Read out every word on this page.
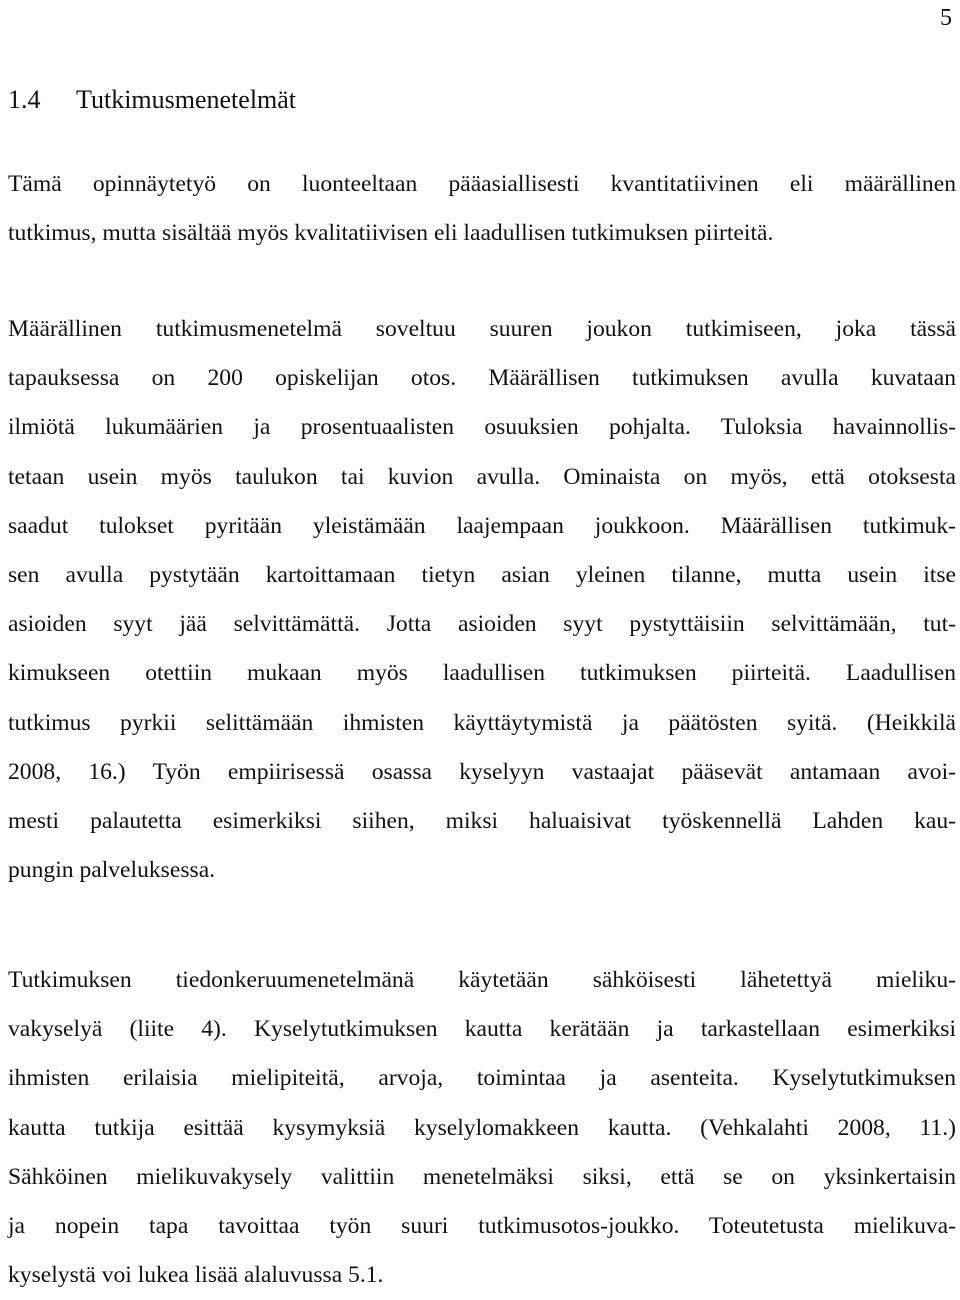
5
1.4 Tutkimusmenetelmät
Tämä opinnäytetyö on luonteeltaan pääasiallisesti kvantitatiivinen eli määrällinen
tutkimus, mutta sisältää myös kvalitatiivisen eli laadullisen tutkimuksen piirteitä.
Määrällinen tutkimusmenetelmä soveltuu suuren joukon tutkimiseen, joka tässä
tapauksessa on 200 opiskelijan otos. Määrällisen tutkimuksen avulla kuvataan
ilmiötä lukumäärien ja prosentuaalisten osuuksien pohjalta. Tuloksia havainnollis-
tetaan usein myös taulukon tai kuvion avulla. Ominaista on myös, että otoksesta
saadut tulokset pyritään yleistämään laajempaan joukkoon. Määrällisen tutkimuk-
sen avulla pystytään kartoittamaan tietyn asian yleinen tilanne, mutta usein itse
asioiden syyt jää selvittämättä. Jotta asioiden syyt pystyttäisiin selvittämään, tut-
kimukseen otettiin mukaan myös laadullisen tutkimuksen piirteitä. Laadullisen
tutkimus pyrkii selittämään ihmisten käyttäytymistä ja päätösten syitä. (Heikkilä
2008, 16.) Työn empiirisessä osassa kyselyyn vastaajat pääsevät antamaan avoi-
mesti palautetta esimerkiksi siihen, miksi haluaisivat työskennellä Lahden kau-
pungin palveluksessa.
Tutkimuksen tiedonkeruumenetelmänä käytetään sähköisesti lähetettyä mieliku-
vakyselyä (liite 4). Kyselytutkimuksen kautta kerätään ja tarkastellaan esimerkiksi
ihmisten erilaisia mielipiteitä, arvoja, toimintaa ja asenteita. Kyselytutkimuksen
kautta tutkija esittää kysymyksiä kyselylomakkeen kautta. (Vehkalahti 2008, 11.)
Sähköinen mielikuvakysely valittiin menetelmäksi siksi, että se on yksinkertaisin
ja nopein tapa tavoittaa työn suuri tutkimusotos-joukko. Toteutetusta mielikuva-
kyselystä voi lukea lisää alaluvussa 5.1.
